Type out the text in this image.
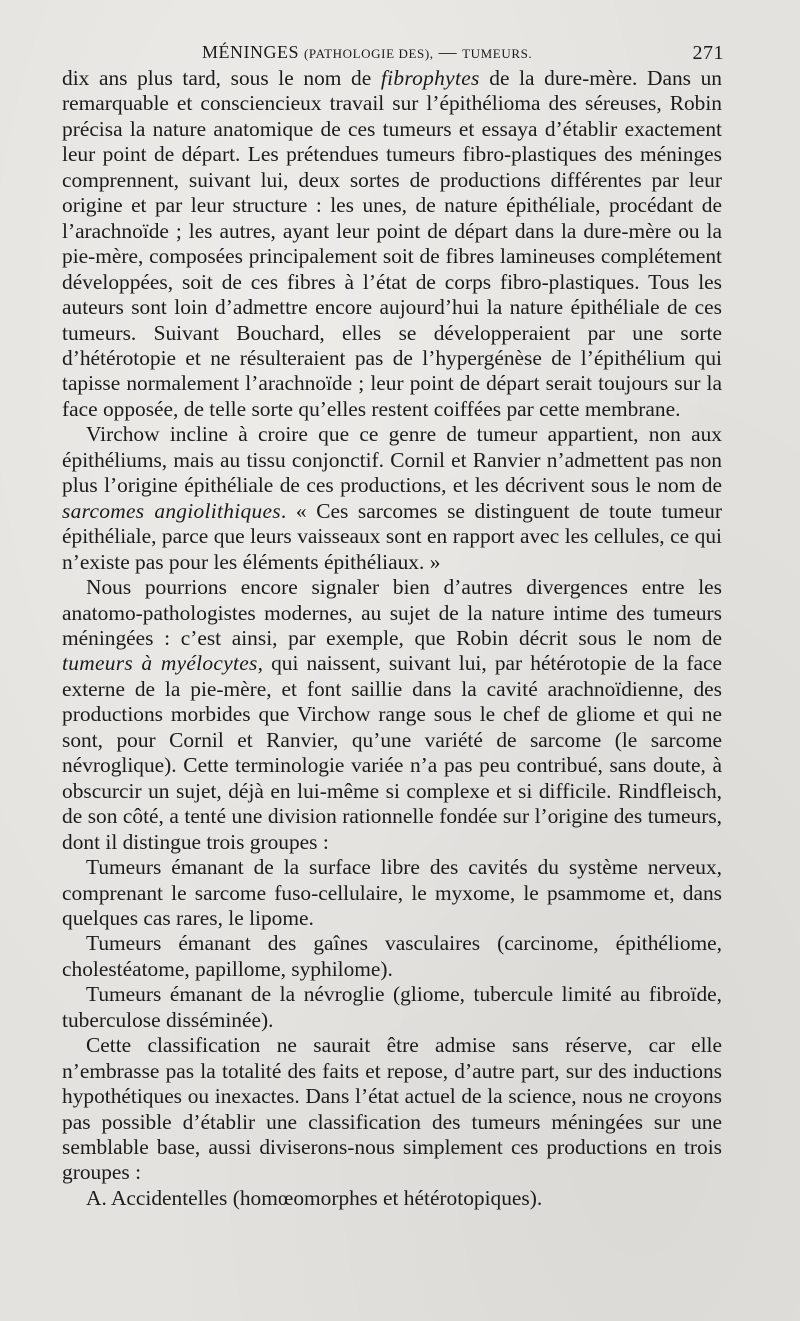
MÉNINGES (PATHOLOGIE DES), — TUMEURS.	271

dix ans plus tard, sous le nom de fibrophytes de la dure-mère. Dans un remarquable et consciencieux travail sur l’épithélioma des séreuses, Robin précisa la nature anatomique de ces tumeurs et essaya d’établir exactement leur point de départ. Les prétendues tumeurs fibro-plastiques des méninges comprennent, suivant lui, deux sortes de productions différentes par leur origine et par leur structure : les unes, de nature épithéliale, procédant de l’arachnoïde ; les autres, ayant leur point de départ dans la dure-mère ou la pie-mère, composées principalement soit de fibres lamineuses complétement développées, soit de ces fibres à l’état de corps fibro-plastiques. Tous les auteurs sont loin d’admettre encore aujourd’hui la nature épithéliale de ces tumeurs. Suivant Bouchard, elles se développeraient par une sorte d’hétérotopie et ne résulteraient pas de l’hypergénèse de l’épithélium qui tapisse normalement l’arachnoïde ; leur point de départ serait toujours sur la face opposée, de telle sorte qu’elles restent coiffées par cette membrane.

Virchow incline à croire que ce genre de tumeur appartient, non aux épithéliums, mais au tissu conjonctif. Cornil et Ranvier n’admettent pas non plus l’origine épithéliale de ces productions, et les décrivent sous le nom de sarcomes angiolithiques. « Ces sarcomes se distinguent de toute tumeur épithéliale, parce que leurs vaisseaux sont en rapport avec les cellules, ce qui n’existe pas pour les éléments épithéliaux. »

Nous pourrions encore signaler bien d’autres divergences entre les anatomo-pathologistes modernes, au sujet de la nature intime des tumeurs méningées : c’est ainsi, par exemple, que Robin décrit sous le nom de tumeurs à myélocytes, qui naissent, suivant lui, par hétérotopie de la face externe de la pie-mère, et font saillie dans la cavité arachnoïdienne, des productions morbides que Virchow range sous le chef de gliome et qui ne sont, pour Cornil et Ranvier, qu’une variété de sarcome (le sarcome névroglique). Cette terminologie variée n’a pas peu contribué, sans doute, à obscurcir un sujet, déjà en lui-même si complexe et si difficile. Rindfleisch, de son côté, a tenté une division rationnelle fondée sur l’origine des tumeurs, dont il distingue trois groupes :

Tumeurs émanant de la surface libre des cavités du système nerveux, comprenant le sarcome fuso-cellulaire, le myxome, le psammome et, dans quelques cas rares, le lipome.

Tumeurs émanant des gaînes vasculaires (carcinome, épithéliome, cholestéatome, papillome, syphilome).

Tumeurs émanant de la névroglie (gliome, tubercule limité au fibroïde, tuberculose disséminée).

Cette classification ne saurait être admise sans réserve, car elle n’embrasse pas la totalité des faits et repose, d’autre part, sur des inductions hypothétiques ou inexactes. Dans l’état actuel de la science, nous ne croyons pas possible d’établir une classification des tumeurs méningées sur une semblable base, aussi diviserons-nous simplement ces productions en trois groupes :

A. Accidentelles (homœomorphes et hétérotopiques).
